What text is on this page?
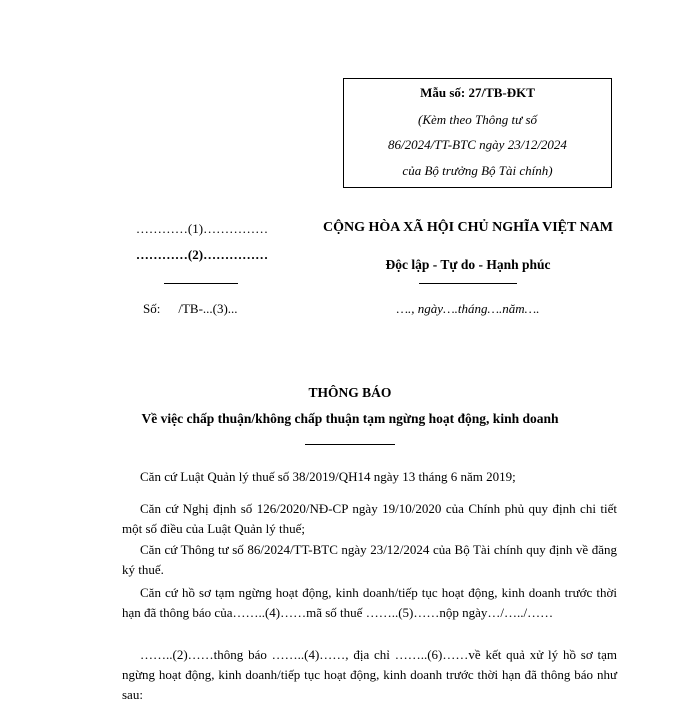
Mẫu số: 27/TB-ĐKT
(Kèm theo Thông tư số
86/2024/TT-BTC ngày 23/12/2024
của Bộ trưởng Bộ Tài chính)
…………(1)……………
…………(2)……………
Số: /TB-...(3)...
CỘNG HÒA XÃ HỘI CHỦ NGHĨA VIỆT NAM
Độc lập - Tự do - Hạnh phúc
…., ngày….tháng….năm….
THÔNG BÁO
Về việc chấp thuận/không chấp thuận tạm ngừng hoạt động, kinh doanh

Căn cứ Luật Quản lý thuế số 38/2019/QH14 ngày 13 tháng 6 năm 2019;

Căn cứ Nghị định số 126/2020/NĐ-CP ngày 19/10/2020 của Chính phủ quy định chi tiết một số điều của Luật Quản lý thuế;

Căn cứ Thông tư số 86/2024/TT-BTC ngày 23/12/2024 của Bộ Tài chính quy định về đăng ký thuế.

Căn cứ hồ sơ tạm ngừng hoạt động, kinh doanh/tiếp tục hoạt động, kinh doanh trước thời hạn đã thông báo của……..(4)……mã số thuế ……..(5)……nộp ngày…/…../……

……..(2)……thông báo ……..(4)……, địa chỉ ……..(6)……về kết quả xử lý hồ sơ tạm ngừng hoạt động, kinh doanh/tiếp tục hoạt động, kinh doanh trước thời hạn đã thông báo như sau:
